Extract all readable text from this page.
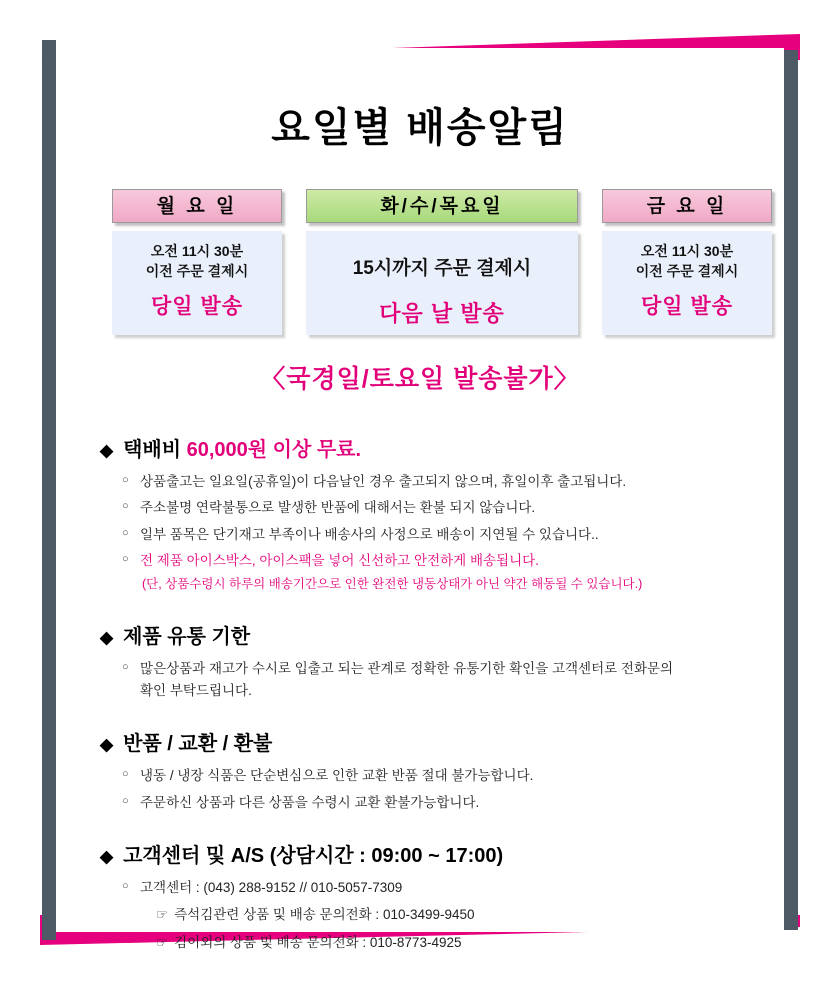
요일별 배송알림
월 요 일
오전 11시 30분
이전 주문 결제시
당일 발송
화/수/목요일
15시까지 주문 결제시
다음 날 발송
금 요 일
오전 11시 30분
이전 주문 결제시
당일 발송
〈국경일/토요일 발송불가〉
◆ 택배비 60,000원 이상 무료.
○ 상품출고는 일요일(공휴일)이 다음날인 경우 출고되지 않으며, 휴일이후 출고됩니다.
○ 주소불명 연락불통으로 발생한 반품에 대해서는 환불 되지 않습니다.
○ 일부 품목은 단기재고 부족이나 배송사의 사정으로 배송이 지연될 수 있습니다..
○ 전 제품 아이스박스, 아이스팩을 넣어 신선하고 안전하게 배송됩니다.
(단, 상품수령시 하루의 배송기간으로 인한 완전한 냉동상태가 아닌 약간 해동될 수 있습니다.)
◆ 제품 유통 기한
○ 많은상품과 재고가 수시로 입출고 되는 관계로 정확한 유통기한 확인을 고객센터로 전화문의
확인 부탁드립니다.
◆ 반품 / 교환 / 환불
○ 냉동 / 냉장 식품은 단순변심으로 인한 교환 반품 절대 불가능합니다.
○ 주문하신 상품과 다른 상품을 수령시 교환 환불가능합니다.
◆ 고객센터 및 A/S (상담시간 : 09:00 ~ 17:00)
○ 고객센터 : (043) 288-9152 // 010-5057-7309
☞ 즉석김관련 상품 및 배송 문의전화 : 010-3499-9450
☞ 김이외의 상품 및 배송 문의전화 : 010-8773-4925
